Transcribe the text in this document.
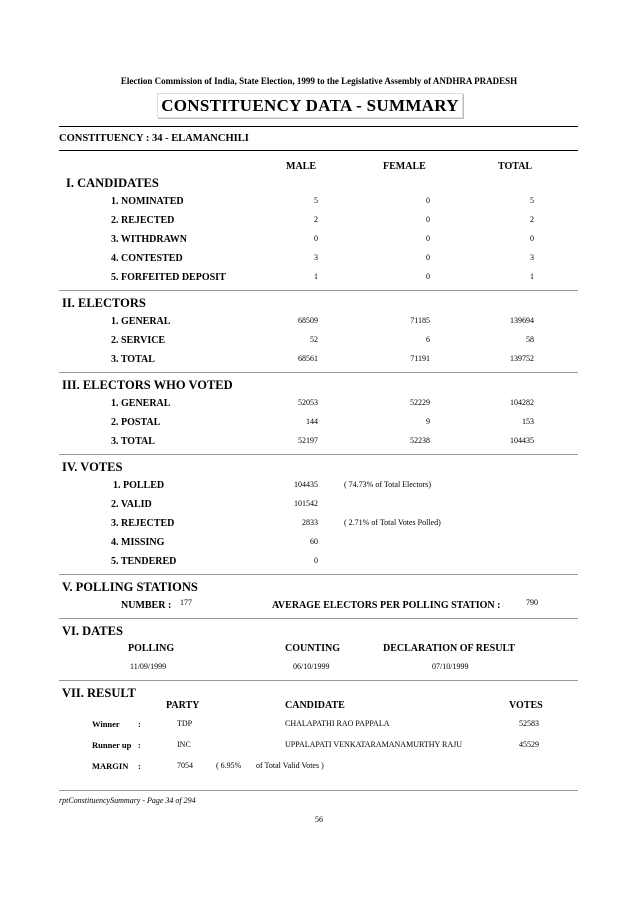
Election Commission of India, State Election, 1999 to the Legislative Assembly of ANDHRA PRADESH
CONSTITUENCY DATA - SUMMARY
CONSTITUENCY : 34 - ELAMANCHILI
MALE	FEMALE	TOTAL
I. CANDIDATES
1. NOMINATED	5	0	5
2. REJECTED	2	0	2
3. WITHDRAWN	0	0	0
4. CONTESTED	3	0	3
5. FORFEITED DEPOSIT	1	0	1
II. ELECTORS
1. GENERAL	68509	71185	139694
2. SERVICE	52	6	58
3. TOTAL	68561	71191	139752
III. ELECTORS WHO VOTED
1. GENERAL	52053	52229	104282
2. POSTAL	144	9	153
3. TOTAL	52197	52238	104435
IV. VOTES
1. POLLED	104435	( 74.73% of Total Electors)
2. VALID	101542
3. REJECTED	2833	( 2.71% of Total Votes Polled)
4. MISSING	60
5. TENDERED	0
V. POLLING STATIONS
NUMBER : 177	AVERAGE ELECTORS PER POLLING STATION :	790
VI. DATES
POLLING	COUNTING	DECLARATION OF RESULT
11/09/1999	06/10/1999	07/10/1999
VII. RESULT
PARTY	CANDIDATE	VOTES
Winner :	TDP	CHALAPATHI RAO PAPPALA	52583
Runner up :	INC	UPPALAPATI VENKATARAMANAMURTHY RAJU	45529
MARGIN :	7054	( 6.95% of Total Valid Votes )
rptConstituencySummary - Page 34 of 294
56
